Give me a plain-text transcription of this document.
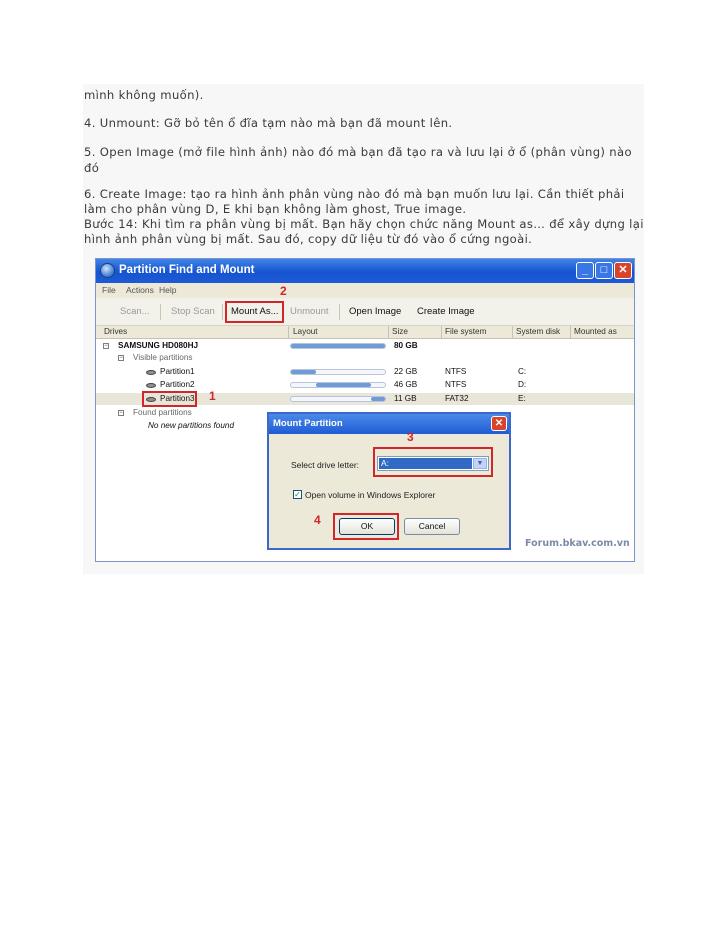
mình không muốn).
4. Unmount: Gỡ bỏ tên ổ đĩa tạm nào mà bạn đã mount lên.
5. Open Image (mở file hình ảnh) nào đó mà bạn đã tạo ra và lưu lại ở ổ (phân vùng) nào
đó
6. Create Image: tạo ra hình ảnh phân vùng nào đó mà bạn muốn lưu lại. Cần thiết phải
làm cho phân vùng D, E khi bạn không làm ghost, True image.
Bước 14: Khi tìm ra phân vùng bị mất. Bạn hãy chọn chức năng Mount as… để xây dựng lại
hình ảnh phân vùng bị mất. Sau đó, copy dữ liệu từ đó vào ổ cứng ngoài.
Partition Find and Mount	_	□	✕
File Actions Help
Scan... Stop Scan Mount As... Unmount Open Image Create Image
Drives	Layout	Size	File system	System disk Mounted as
− SAMSUNG HD080HJ	80 GB
− Visible partitions
Partition1	22 GB	NTFS	C:
Partition2	46 GB	NTFS	D:
Partition3	11 GB	FAT32	E:
− Found partitions
No new partitions found
2
1
Mount Partition	✕
Select drive letter:	A:	▼
✓ Open volume in Windows Explorer
OK	Cancel
3
4
Forum.bkav.com.vn
